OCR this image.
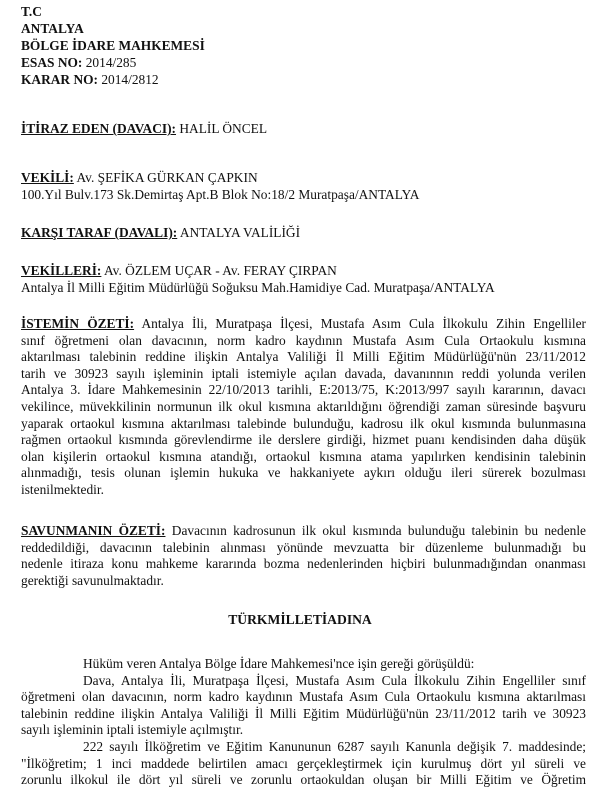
T.C
ANTALYA
BÖLGE İDARE MAHKEMESİ
ESAS NO: 2014/285
KARAR NO: 2014/2812
İTİRAZ EDEN (DAVACI): HALİL ÖNCEL
VEKİLİ: Av. ŞEFİKA GÜRKAN ÇAPKIN
100.Yıl Bulv.173 Sk.Demirtaş Apt.B Blok No:18/2 Muratpaşa/ANTALYA
KARŞI TARAF (DAVALI): ANTALYA VALİLİĞİ
VEKİLLERİ: Av. ÖZLEM UÇAR - Av. FERAY ÇIRPAN
Antalya İl Milli Eğitim Müdürlüğü Soğuksu Mah.Hamidiye Cad. Muratpaşa/ANTALYA
İSTEMİN ÖZETİ: Antalya İli, Muratpaşa İlçesi, Mustafa Asım Cula İlkokulu Zihin Engelliler
sınıf öğretmeni olan davacının, norm kadro kaydının Mustafa Asım Cula Ortaokulu kısmına
aktarılması talebinin reddine ilişkin Antalya Valiliği İl Milli Eğitim Müdürlüğü'nün 23/11/2012
tarih ve 30923 sayılı işleminin iptali istemiyle açılan davada, davanınnın reddi yolunda verilen
Antalya 3. İdare Mahkemesinin 22/10/2013 tarihli, E:2013/75, K:2013/997 sayılı kararının, davacı
vekilince, müvekkilinin normunun ilk okul kısmına aktarıldığını öğrendiği zaman süresinde başvuru
yaparak ortaokul kısmına aktarılması talebinde bulunduğu, kadrosu ilk okul kısmında bulunmasına
rağmen ortaokul kısmında görevlendirme ile derslere girdiği, hizmet puanı kendisinden daha düşük
olan kişilerin ortaokul kısmına atandığı, ortaokul kısmına atama yapılırken kendisinin talebinin
alınmadığı, tesis olunan işlemin hukuka ve hakkaniyete aykırı olduğu ileri sürerek bozulması
istenilmektedir.
SAVUNMANIN ÖZETİ: Davacının kadrosunun ilk okul kısmında bulunduğu talebinin bu nedenle
reddedildiği, davacının talebinin alınması yönünde mevzuatta bir düzenleme bulunmadığı bu
nedenle itiraza konu mahkeme kararında bozma nedenlerinden hiçbiri bulunmadığından onanması
gerektiği savunulmaktadır.
TÜRKMİLLETİADINA
Hüküm veren Antalya Bölge İdare Mahkemesi'nce işin gereği görüşüldü:
Dava, Antalya İli, Muratpaşa İlçesi, Mustafa Asım Cula İlkokulu Zihin Engelliler sınıf
öğretmeni olan davacının, norm kadro kaydının Mustafa Asım Cula Ortaokulu kısmına aktarılması
talebinin reddine ilişkin Antalya Valiliği İl Milli Eğitim Müdürlüğü'nün 23/11/2012 tarih ve 30923
sayılı işleminin iptali istemiyle açılmıştır.
222 sayılı İlköğretim ve Eğitim Kanununun 6287 sayılı Kanunla değişik 7. maddesinde;
"İlköğretim; 1 inci maddede belirtilen amacı gerçekleştirmek için kurulmuş dört yıl süreli ve
zorunlu ilkokul ile dört yıl süreli ve zorunlu ortaokuldan oluşan bir Milli Eğitim ve Öğretim
